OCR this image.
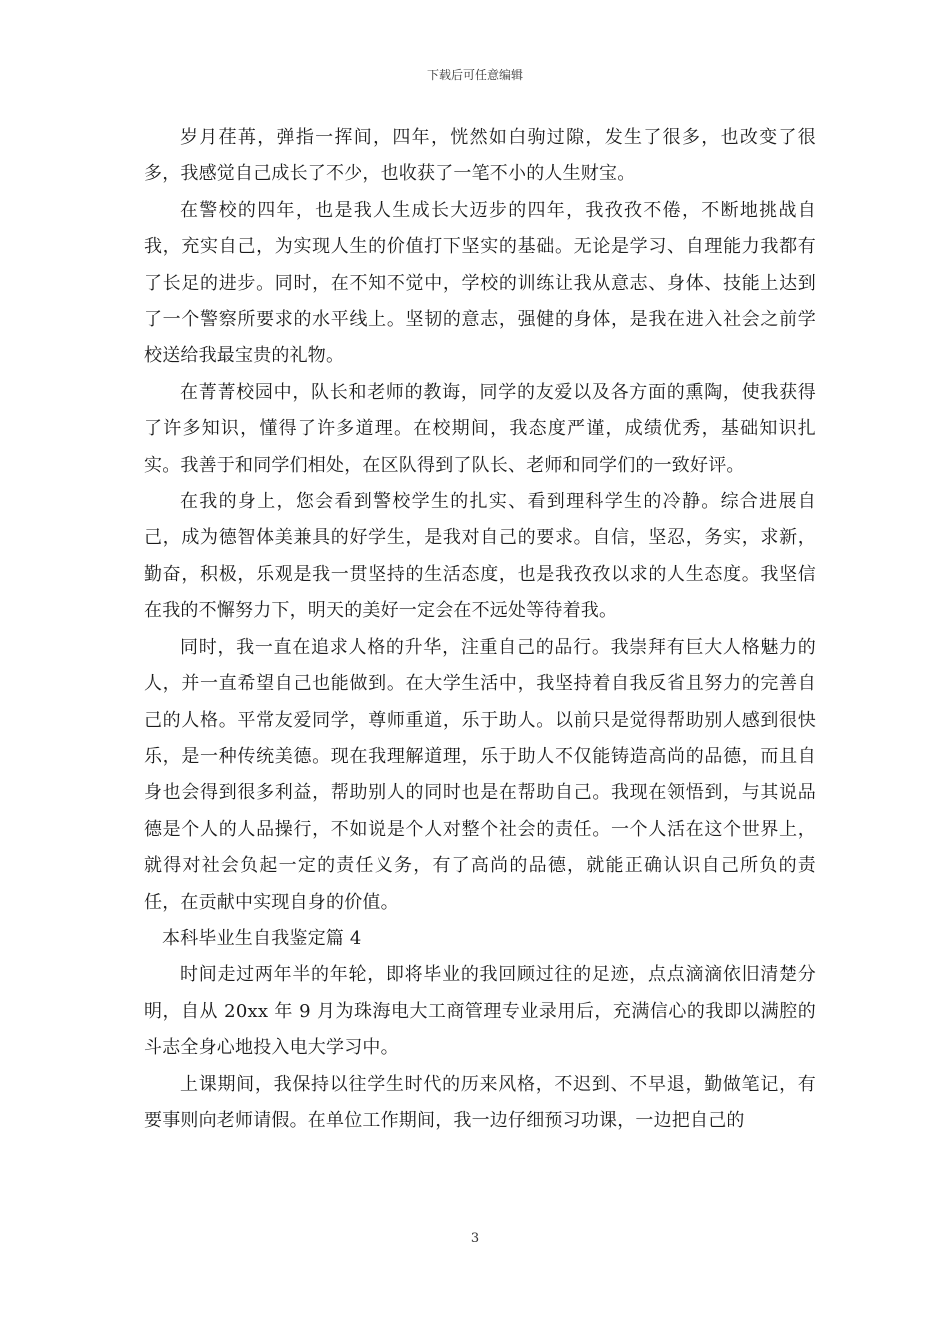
下载后可任意编辑

岁月荏苒，弹指一挥间，四年，恍然如白驹过隙，发生了很多，也改变了很多，我感觉自己成长了不少，也收获了一笔不小的人生财宝。

在警校的四年，也是我人生成长大迈步的四年，我孜孜不倦，不断地挑战自我，充实自己，为实现人生的价值打下坚实的基础。无论是学习、自理能力我都有了长足的进步。同时，在不知不觉中，学校的训练让我从意志、身体、技能上达到了一个警察所要求的水平线上。坚韧的意志，强健的身体，是我在进入社会之前学校送给我最宝贵的礼物。

在菁菁校园中，队长和老师的教诲，同学的友爱以及各方面的熏陶，使我获得了许多知识，懂得了许多道理。在校期间，我态度严谨，成绩优秀，基础知识扎实。我善于和同学们相处，在区队得到了队长、老师和同学们的一致好评。

在我的身上，您会看到警校学生的扎实、看到理科学生的冷静。综合进展自己，成为德智体美兼具的好学生，是我对自己的要求。自信，坚忍，务实，求新，勤奋，积极，乐观是我一贯坚持的生活态度，也是我孜孜以求的人生态度。我坚信在我的不懈努力下，明天的美好一定会在不远处等待着我。

同时，我一直在追求人格的升华，注重自己的品行。我崇拜有巨大人格魅力的人，并一直希望自己也能做到。在大学生活中，我坚持着自我反省且努力的完善自己的人格。平常友爱同学，尊师重道，乐于助人。以前只是觉得帮助别人感到很快乐，是一种传统美德。现在我理解道理，乐于助人不仅能铸造高尚的品德，而且自身也会得到很多利益，帮助别人的同时也是在帮助自己。我现在领悟到，与其说品德是个人的人品操行，不如说是个人对整个社会的责任。一个人活在这个世界上，就得对社会负起一定的责任义务，有了高尚的品德，就能正确认识自己所负的责任，在贡献中实现自身的价值。

本科毕业生自我鉴定篇 4

时间走过两年半的年轮，即将毕业的我回顾过往的足迹，点点滴滴依旧清楚分明，自从 20xx 年 9 月为珠海电大工商管理专业录用后，充满信心的我即以满腔的斗志全身心地投入电大学习中。

上课期间，我保持以往学生时代的历来风格，不迟到、不早退，勤做笔记，有要事则向老师请假。在单位工作期间，我一边仔细预习功课，一边把自己的

3
